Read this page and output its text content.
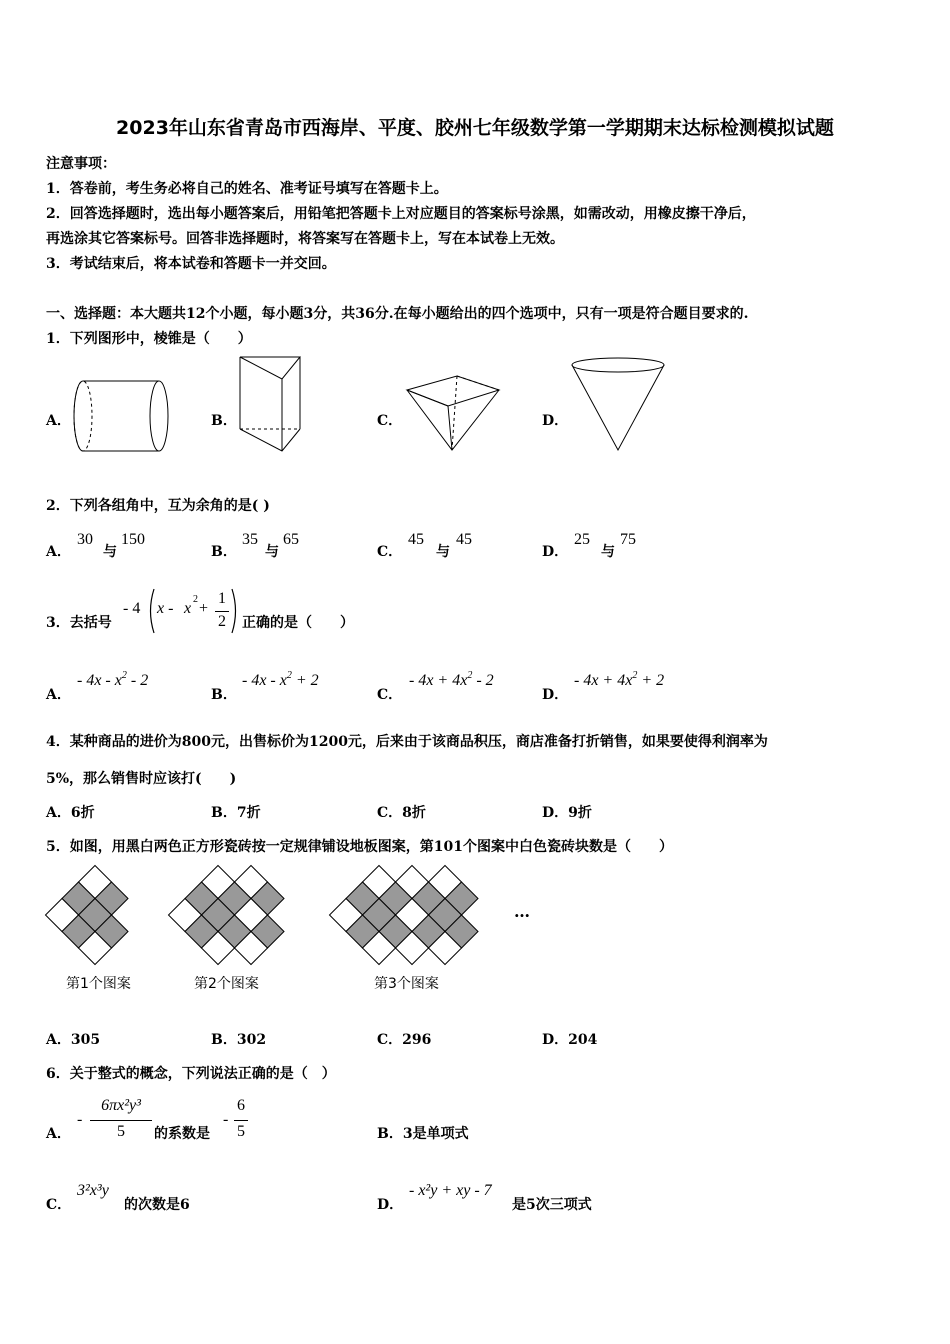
2023年山东省青岛市西海岸、平度、胶州七年级数学第一学期期末达标检测模拟试题
注意事项：
1．答卷前，考生务必将自己的姓名、准考证号填写在答题卡上。
2．回答选择题时，选出每小题答案后，用铅笔把答题卡上对应题目的答案标号涂黑，如需改动，用橡皮擦干净后，
再选涂其它答案标号。回答非选择题时，将答案写在答题卡上，写在本试卷上无效。
3．考试结束后，将本试卷和答题卡一并交回。
一、选择题：本大题共12个小题，每小题3分，共36分.在每小题给出的四个选项中，只有一项是符合题目要求的.
1．下列图形中，棱锥是（　　）
A．	B．	C．	D．
2．下列各组角中，互为余角的是( )
A．
30
与
150
B．
35
与
65
C．
45
与
45
D．
25
与
75
3．去括号
- 4 x - x
2
+
1
2 正确的是（　　）
A．
- $4x - x^2 - 2$
B．
- $4x - x^2 + 2$
C．
- $4x + 4x^2 - 2$
D．
- $4x + 4x^2 + 2$
4．某种商品的进价为800元，出售标价为1200元，后来由于该商品积压，商店准备打折销售，如果要使得利润率为
5%，那么销售时应该打(　　)
A．6折	B．7折	C．8折	D．9折
5．如图，用黑白两色正方形瓷砖按一定规律铺设地板图案，第101个图案中白色瓷砖块数是（　　）
第1个图案	第2个图案	第3个图案
…
A．305	B．302	C．296	D．204
6．关于整式的概念，下列说法正确的是（　）
A．
-
6πx²y³
5	的系数是
-
6
5	B．3是单项式
C．
3²x³y
的次数是6	D．
- x²y + xy - 7
是5次三项式
